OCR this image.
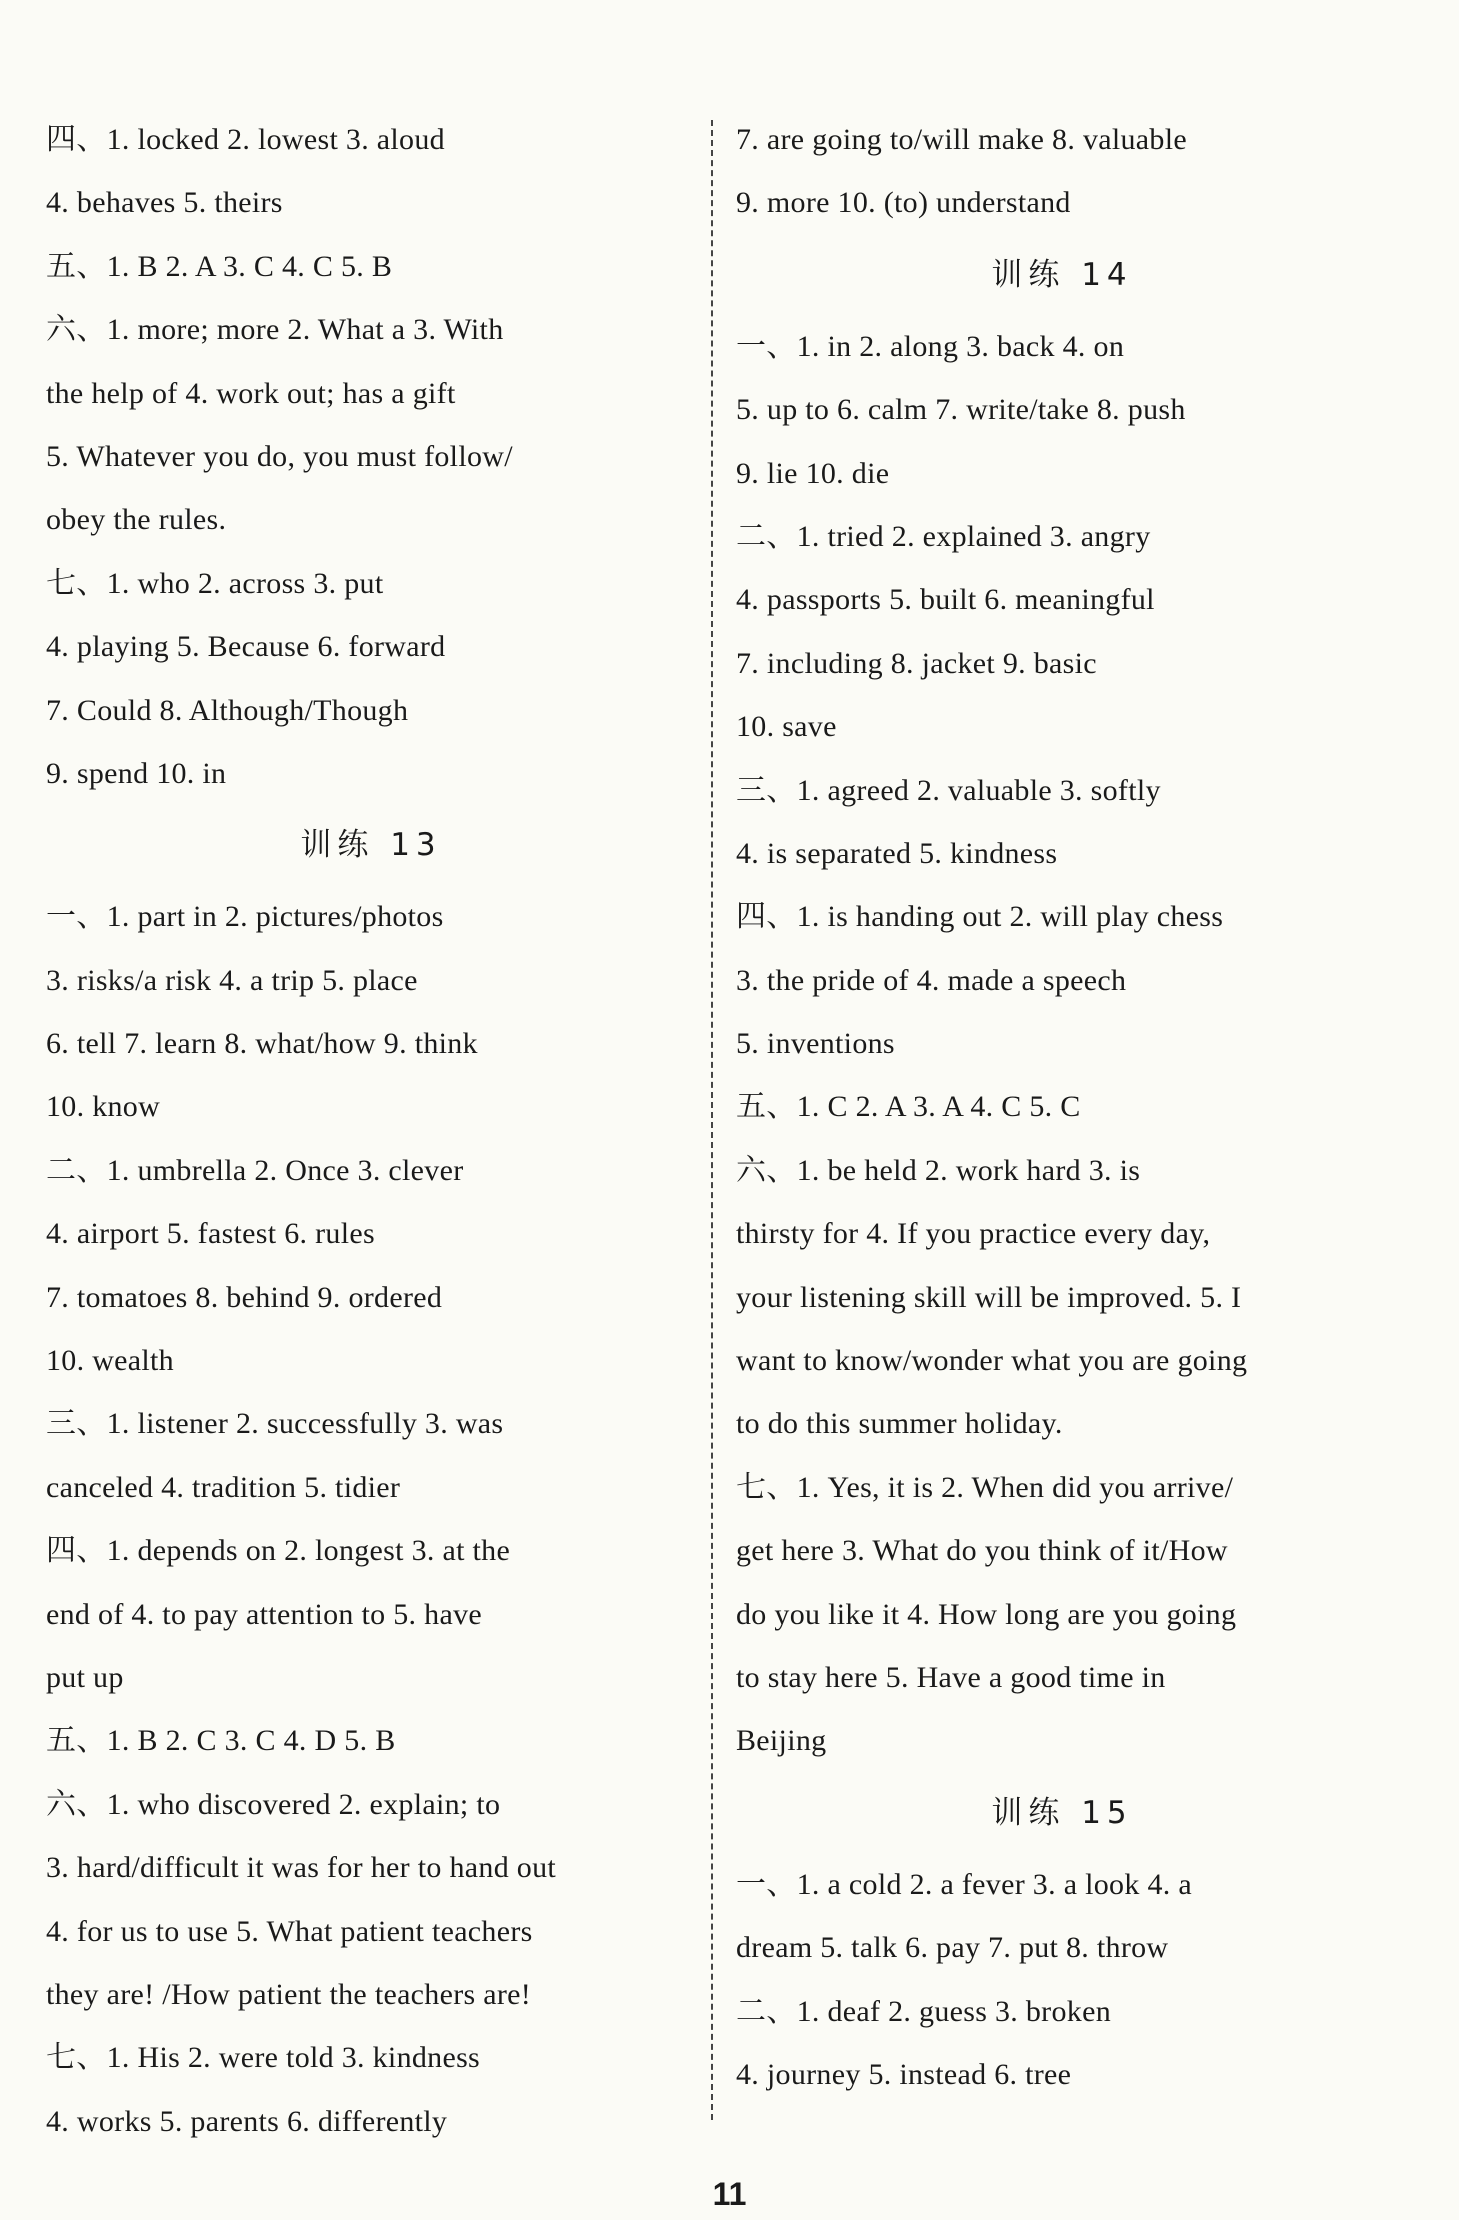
四、1. locked 2. lowest 3. aloud
4. behaves 5. theirs
五、1. B 2. A 3. C 4. C 5. B
六、1. more; more 2. What a 3. With
the help of 4. work out; has a gift
5. Whatever you do, you must follow/
obey the rules.
七、1. who 2. across 3. put
4. playing 5. Because 6. forward
7. Could 8. Although/Though
9. spend 10. in
训练 13
一、1. part in 2. pictures/photos
3. risks/a risk 4. a trip 5. place
6. tell 7. learn 8. what/how 9. think
10. know
二、1. umbrella 2. Once 3. clever
4. airport 5. fastest 6. rules
7. tomatoes 8. behind 9. ordered
10. wealth
三、1. listener 2. successfully 3. was
canceled 4. tradition 5. tidier
四、1. depends on 2. longest 3. at the
end of 4. to pay attention to 5. have
put up
五、1. B 2. C 3. C 4. D 5. B
六、1. who discovered 2. explain; to
3. hard/difficult it was for her to hand out
4. for us to use 5. What patient teachers
they are! /How patient the teachers are!
七、1. His 2. were told 3. kindness
4. works 5. parents 6. differently
7. are going to/will make 8. valuable
9. more 10. (to) understand
训练 14
一、1. in 2. along 3. back 4. on
5. up to 6. calm 7. write/take 8. push
9. lie 10. die
二、1. tried 2. explained 3. angry
4. passports 5. built 6. meaningful
7. including 8. jacket 9. basic
10. save
三、1. agreed 2. valuable 3. softly
4. is separated 5. kindness
四、1. is handing out 2. will play chess
3. the pride of 4. made a speech
5. inventions
五、1. C 2. A 3. A 4. C 5. C
六、1. be held 2. work hard 3. is
thirsty for 4. If you practice every day,
your listening skill will be improved. 5. I
want to know/wonder what you are going
to do this summer holiday.
七、1. Yes, it is 2. When did you arrive/
get here 3. What do you think of it/How
do you like it 4. How long are you going
to stay here 5. Have a good time in
Beijing
训练 15
一、1. a cold 2. a fever 3. a look 4. a
dream 5. talk 6. pay 7. put 8. throw
二、1. deaf 2. guess 3. broken
4. journey 5. instead 6. tree
11
